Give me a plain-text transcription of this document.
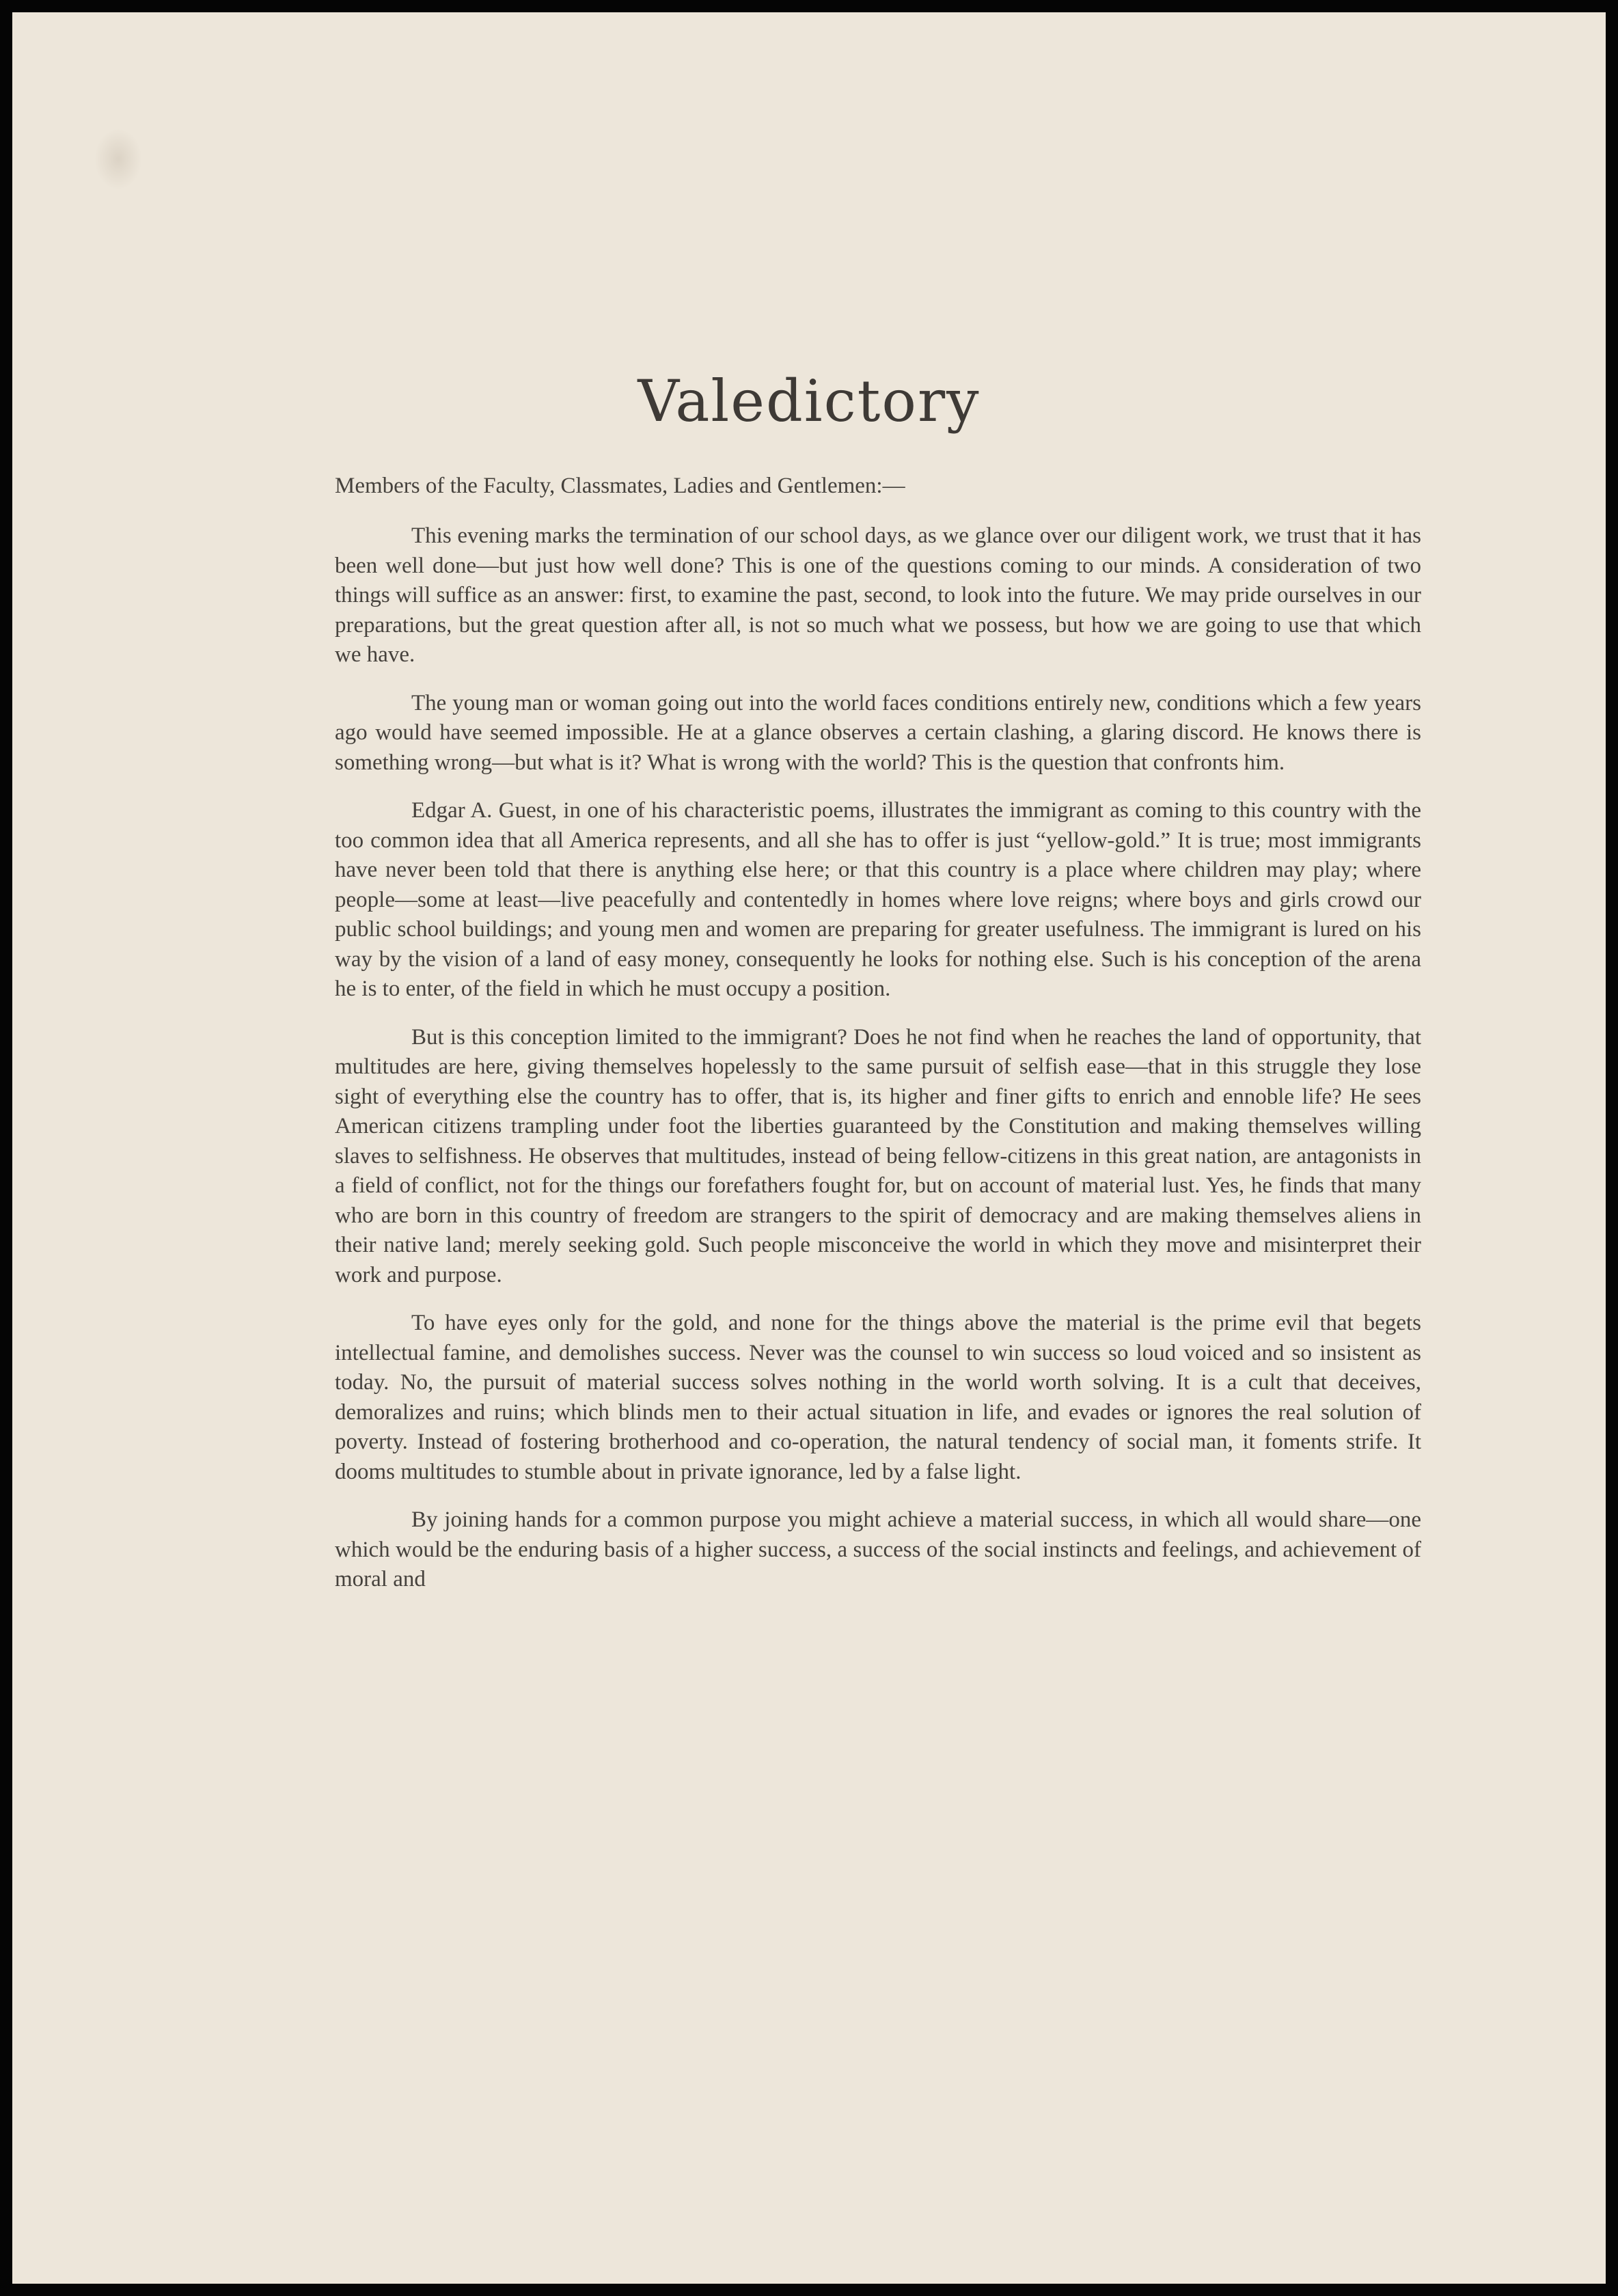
Valedictory

Members of the Faculty, Classmates, Ladies and Gentlemen:—

This evening marks the termination of our school days, as we glance over our diligent work, we trust that it has been well done—but just how well done? This is one of the questions coming to our minds. A consideration of two things will suffice as an answer: first, to examine the past, second, to look into the future. We may pride ourselves in our preparations, but the great question after all, is not so much what we possess, but how we are going to use that which we have.

The young man or woman going out into the world faces conditions entirely new, conditions which a few years ago would have seemed impossible. He at a glance observes a certain clashing, a glaring discord. He knows there is something wrong—but what is it? What is wrong with the world? This is the question that confronts him.

Edgar A. Guest, in one of his characteristic poems, illustrates the immigrant as coming to this country with the too common idea that all America represents, and all she has to offer is just “yellow-gold.” It is true; most immigrants have never been told that there is anything else here; or that this country is a place where children may play; where people—some at least—live peacefully and contentedly in homes where love reigns; where boys and girls crowd our public school buildings; and young men and women are preparing for greater usefulness. The immigrant is lured on his way by the vision of a land of easy money, consequently he looks for nothing else. Such is his conception of the arena he is to enter, of the field in which he must occupy a position.

But is this conception limited to the immigrant? Does he not find when he reaches the land of opportunity, that multitudes are here, giving themselves hopelessly to the same pursuit of selfish ease—that in this struggle they lose sight of everything else the country has to offer, that is, its higher and finer gifts to enrich and ennoble life? He sees American citizens trampling under foot the liberties guaranteed by the Constitution and making themselves willing slaves to selfishness. He observes that multitudes, instead of being fellow-citizens in this great nation, are antagonists in a field of conflict, not for the things our forefathers fought for, but on account of material lust. Yes, he finds that many who are born in this country of freedom are strangers to the spirit of democracy and are making themselves aliens in their native land; merely seeking gold. Such people misconceive the world in which they move and misinterpret their work and purpose.

To have eyes only for the gold, and none for the things above the material is the prime evil that begets intellectual famine, and demolishes success. Never was the counsel to win success so loud voiced and so insistent as today. No, the pursuit of material success solves nothing in the world worth solving. It is a cult that deceives, demoralizes and ruins; which blinds men to their actual situation in life, and evades or ignores the real solution of poverty. Instead of fostering brotherhood and co-operation, the natural tendency of social man, it foments strife. It dooms multitudes to stumble about in private ignorance, led by a false light.

By joining hands for a common purpose you might achieve a material success, in which all would share—one which would be the enduring basis of a higher success, a success of the social instincts and feelings, and achievement of moral and
